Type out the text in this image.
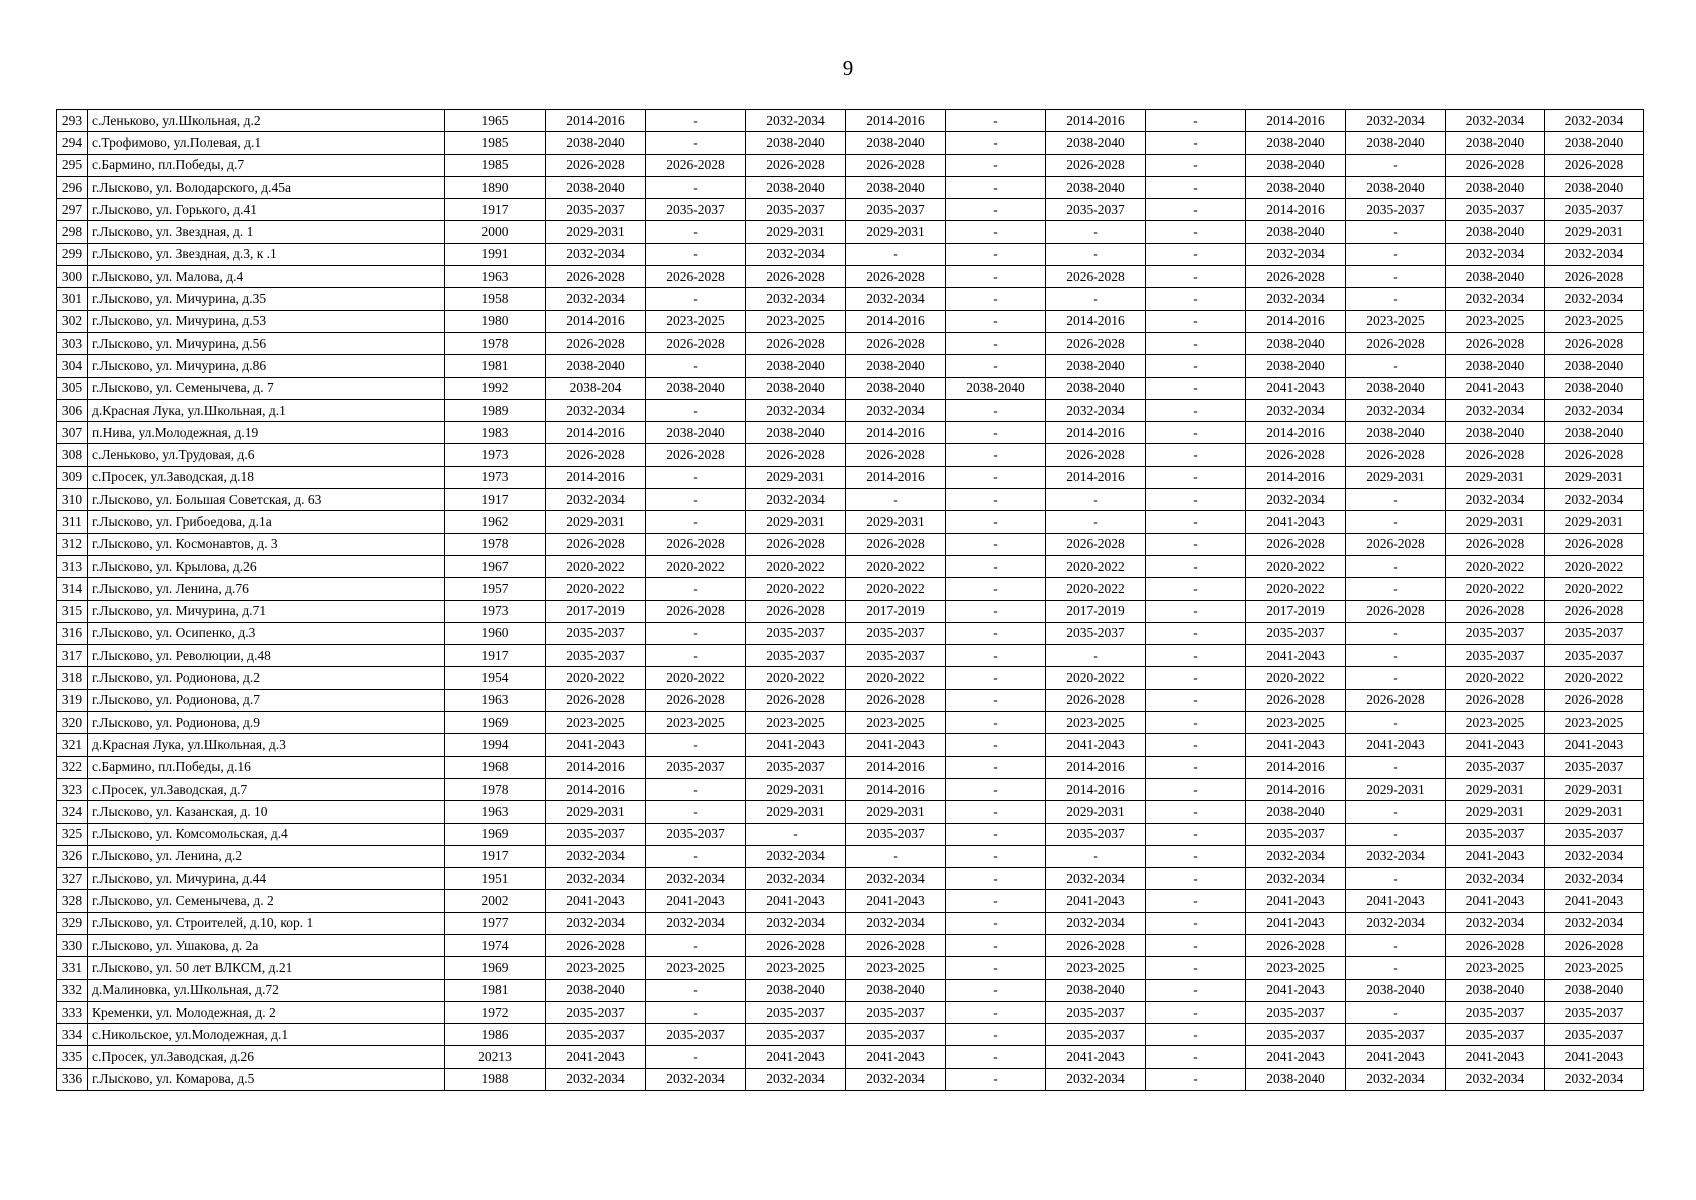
9
293	с.Леньково, ул.Школьная, д.2	1965	2014-2016	-	2032-2034	2014-2016	-	2014-2016	-	2014-2016	2032-2034	2032-2034	2032-2034
294	с.Трофимово, ул.Полевая, д.1	1985	2038-2040	-	2038-2040	2038-2040	-	2038-2040	-	2038-2040	2038-2040	2038-2040	2038-2040
295	с.Бармино, пл.Победы, д.7	1985	2026-2028	2026-2028	2026-2028	2026-2028	-	2026-2028	-	2038-2040	-	2026-2028	2026-2028
296	г.Лысково, ул. Володарского, д.45а	1890	2038-2040	-	2038-2040	2038-2040	-	2038-2040	-	2038-2040	2038-2040	2038-2040	2038-2040
297	г.Лысково, ул. Горького, д.41	1917	2035-2037	2035-2037	2035-2037	2035-2037	-	2035-2037	-	2014-2016	2035-2037	2035-2037	2035-2037
298	г.Лысково, ул. Звездная, д. 1	2000	2029-2031	-	2029-2031	2029-2031	-	-	-	2038-2040	-	2038-2040	2029-2031
299	г.Лысково, ул. Звездная, д.3, к .1	1991	2032-2034	-	2032-2034	-	-	-	-	2032-2034	-	2032-2034	2032-2034
300	г.Лысково, ул. Малова, д.4	1963	2026-2028	2026-2028	2026-2028	2026-2028	-	2026-2028	-	2026-2028	-	2038-2040	2026-2028
301	г.Лысково, ул. Мичурина, д.35	1958	2032-2034	-	2032-2034	2032-2034	-	-	-	2032-2034	-	2032-2034	2032-2034
302	г.Лысково, ул. Мичурина, д.53	1980	2014-2016	2023-2025	2023-2025	2014-2016	-	2014-2016	-	2014-2016	2023-2025	2023-2025	2023-2025
303	г.Лысково, ул. Мичурина, д.56	1978	2026-2028	2026-2028	2026-2028	2026-2028	-	2026-2028	-	2038-2040	2026-2028	2026-2028	2026-2028
304	г.Лысково, ул. Мичурина, д.86	1981	2038-2040	-	2038-2040	2038-2040	-	2038-2040	-	2038-2040	-	2038-2040	2038-2040
305	г.Лысково, ул. Семенычева, д. 7	1992	2038-204	2038-2040	2038-2040	2038-2040	2038-2040	2038-2040	-	2041-2043	2038-2040	2041-2043	2038-2040
306	д.Красная Лука, ул.Школьная, д.1	1989	2032-2034	-	2032-2034	2032-2034	-	2032-2034	-	2032-2034	2032-2034	2032-2034	2032-2034
307	п.Нива, ул.Молодежная, д.19	1983	2014-2016	2038-2040	2038-2040	2014-2016	-	2014-2016	-	2014-2016	2038-2040	2038-2040	2038-2040
308	с.Леньково, ул.Трудовая, д.6	1973	2026-2028	2026-2028	2026-2028	2026-2028	-	2026-2028	-	2026-2028	2026-2028	2026-2028	2026-2028
309	с.Просек, ул.Заводская, д.18	1973	2014-2016	-	2029-2031	2014-2016	-	2014-2016	-	2014-2016	2029-2031	2029-2031	2029-2031
310	г.Лысково, ул. Большая Советская, д. 63	1917	2032-2034	-	2032-2034	-	-	-	-	2032-2034	-	2032-2034	2032-2034
311	г.Лысково, ул. Грибоедова, д.1а	1962	2029-2031	-	2029-2031	2029-2031	-	-	-	2041-2043	-	2029-2031	2029-2031
312	г.Лысково, ул. Космонавтов, д. 3	1978	2026-2028	2026-2028	2026-2028	2026-2028	-	2026-2028	-	2026-2028	2026-2028	2026-2028	2026-2028
313	г.Лысково, ул. Крылова, д.26	1967	2020-2022	2020-2022	2020-2022	2020-2022	-	2020-2022	-	2020-2022	-	2020-2022	2020-2022
314	г.Лысково, ул. Ленина, д.76	1957	2020-2022	-	2020-2022	2020-2022	-	2020-2022	-	2020-2022	-	2020-2022	2020-2022
315	г.Лысково, ул. Мичурина, д.71	1973	2017-2019	2026-2028	2026-2028	2017-2019	-	2017-2019	-	2017-2019	2026-2028	2026-2028	2026-2028
316	г.Лысково, ул. Осипенко, д.3	1960	2035-2037	-	2035-2037	2035-2037	-	2035-2037	-	2035-2037	-	2035-2037	2035-2037
317	г.Лысково, ул. Революции, д.48	1917	2035-2037	-	2035-2037	2035-2037	-	-	-	2041-2043	-	2035-2037	2035-2037
318	г.Лысково, ул. Родионова, д.2	1954	2020-2022	2020-2022	2020-2022	2020-2022	-	2020-2022	-	2020-2022	-	2020-2022	2020-2022
319	г.Лысково, ул. Родионова, д.7	1963	2026-2028	2026-2028	2026-2028	2026-2028	-	2026-2028	-	2026-2028	2026-2028	2026-2028	2026-2028
320	г.Лысково, ул. Родионова, д.9	1969	2023-2025	2023-2025	2023-2025	2023-2025	-	2023-2025	-	2023-2025	-	2023-2025	2023-2025
321	д.Красная Лука, ул.Школьная, д.3	1994	2041-2043	-	2041-2043	2041-2043	-	2041-2043	-	2041-2043	2041-2043	2041-2043	2041-2043
322	с.Бармино, пл.Победы, д.16	1968	2014-2016	2035-2037	2035-2037	2014-2016	-	2014-2016	-	2014-2016	-	2035-2037	2035-2037
323	с.Просек, ул.Заводская, д.7	1978	2014-2016	-	2029-2031	2014-2016	-	2014-2016	-	2014-2016	2029-2031	2029-2031	2029-2031
324	г.Лысково, ул. Казанская, д. 10	1963	2029-2031	-	2029-2031	2029-2031	-	2029-2031	-	2038-2040	-	2029-2031	2029-2031
325	г.Лысково, ул. Комсомольская, д.4	1969	2035-2037	2035-2037	-	2035-2037	-	2035-2037	-	2035-2037	-	2035-2037	2035-2037
326	г.Лысково, ул. Ленина, д.2	1917	2032-2034	-	2032-2034	-	-	-	-	2032-2034	2032-2034	2041-2043	2032-2034
327	г.Лысково, ул. Мичурина, д.44	1951	2032-2034	2032-2034	2032-2034	2032-2034	-	2032-2034	-	2032-2034	-	2032-2034	2032-2034
328	г.Лысково, ул. Семенычева, д. 2	2002	2041-2043	2041-2043	2041-2043	2041-2043	-	2041-2043	-	2041-2043	2041-2043	2041-2043	2041-2043
329	г.Лысково, ул. Строителей, д.10, кор. 1	1977	2032-2034	2032-2034	2032-2034	2032-2034	-	2032-2034	-	2041-2043	2032-2034	2032-2034	2032-2034
330	г.Лысково, ул. Ушакова, д. 2а	1974	2026-2028	-	2026-2028	2026-2028	-	2026-2028	-	2026-2028	-	2026-2028	2026-2028
331	г.Лысково, ул. 50 лет ВЛКСМ, д.21	1969	2023-2025	2023-2025	2023-2025	2023-2025	-	2023-2025	-	2023-2025	-	2023-2025	2023-2025
332	д.Малиновка, ул.Школьная, д.72	1981	2038-2040	-	2038-2040	2038-2040	-	2038-2040	-	2041-2043	2038-2040	2038-2040	2038-2040
333	Кременки, ул. Молодежная, д. 2	1972	2035-2037	-	2035-2037	2035-2037	-	2035-2037	-	2035-2037	-	2035-2037	2035-2037
334	с.Никольское, ул.Молодежная, д.1	1986	2035-2037	2035-2037	2035-2037	2035-2037	-	2035-2037	-	2035-2037	2035-2037	2035-2037	2035-2037
335	с.Просек, ул.Заводская, д.26	20213	2041-2043	-	2041-2043	2041-2043	-	2041-2043	-	2041-2043	2041-2043	2041-2043	2041-2043
336	г.Лысково, ул. Комарова, д.5	1988	2032-2034	2032-2034	2032-2034	2032-2034	-	2032-2034	-	2038-2040	2032-2034	2032-2034	2032-2034
